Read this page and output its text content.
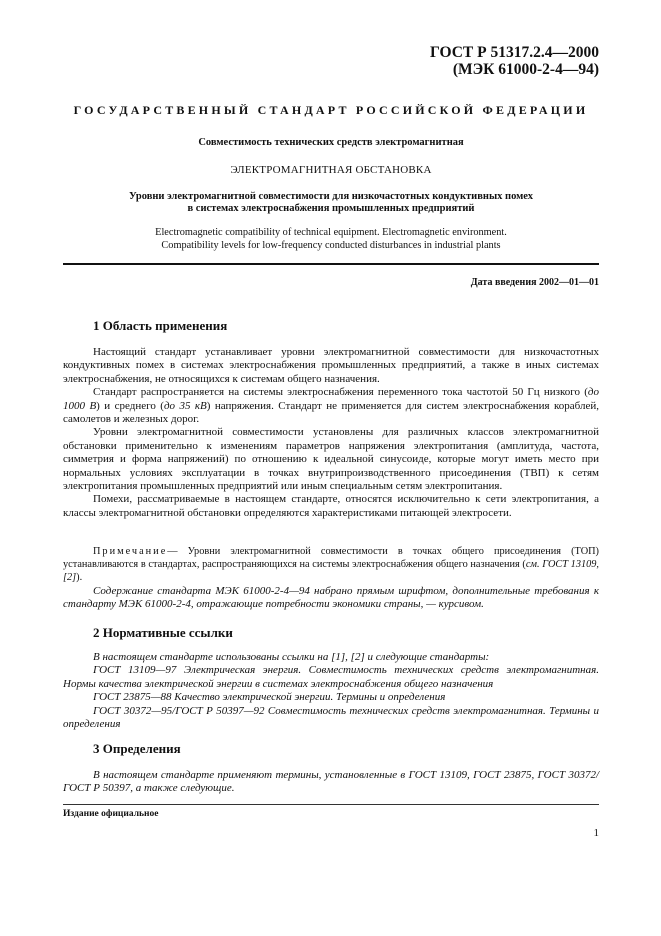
ГОСТ Р 51317.2.4—2000
(МЭК 61000-2-4—94)
ГОСУДАРСТВЕННЫЙ СТАНДАРТ РОССИЙСКОЙ ФЕДЕРАЦИИ
Совместимость технических средств электромагнитная
ЭЛЕКТРОМАГНИТНАЯ ОБСТАНОВКА
Уровни электромагнитной совместимости для низкочастотных кондуктивных помех
в системах электроснабжения промышленных предприятий
Electromagnetic compatibility of technical equipment. Electromagnetic environment.
Compatibility levels for low-frequency conducted disturbances in industrial plants
Дата введения 2002—01—01
1 Область применения

Настоящий стандарт устанавливает уровни электромагнитной совместимости для низкочастотных кондуктивных помех в системах электроснабжения промышленных предприятий, а также в иных системах электроснабжения, не относящихся к системам общего назначения.

Стандарт распространяется на системы электроснабжения переменного тока частотой 50 Гц низкого (до 1000 В) и среднего (до 35 кВ) напряжения. Стандарт не применяется для систем электроснабжения кораблей, самолетов и железных дорог.

Уровни электромагнитной совместимости установлены для различных классов электромагнитной обстановки применительно к изменениям параметров напряжения электропитания (амплитуда, частота, симметрия и форма напряжений) по отношению к идеальной синусоиде, которые могут иметь место при нормальных условиях эксплуатации в точках внутрипроизводственного присоединения (ТВП) к сетям электропитания промышленных предприятий или иным специальным сетям электропитания.

Помехи, рассматриваемые в настоящем стандарте, относятся исключительно к сети электропитания, а классы электромагнитной обстановки определяются характеристиками питающей электросети.

Примечание— Уровни электромагнитной совместимости в точках общего присоединения (ТОП) устанавливаются в стандартах, распространяющихся на системы электроснабжения общего назначения (см. ГОСТ 13109, [2]).

Содержание стандарта МЭК 61000-2-4—94 набрано прямым шрифтом, дополнительные требования к стандарту МЭК 61000-2-4, отражающие потребности экономики страны, — курсивом.

2 Нормативные ссылки

В настоящем стандарте использованы ссылки на [1], [2] и следующие стандарты:

ГОСТ 13109—97 Электрическая энергия. Совместимость технических средств электромагнитная. Нормы качества электрической энергии в системах электроснабжения общего назначения

ГОСТ 23875—88 Качество электрической энергии. Термины и определения

ГОСТ 30372—95/ГОСТ Р 50397—92 Совместимость технических средств электромагнитная. Термины и определения

3 Определения

В настоящем стандарте применяют термины, установленные в ГОСТ 13109, ГОСТ 23875, ГОСТ 30372/ГОСТ Р 50397, а также следующие.

Издание официальное
1
